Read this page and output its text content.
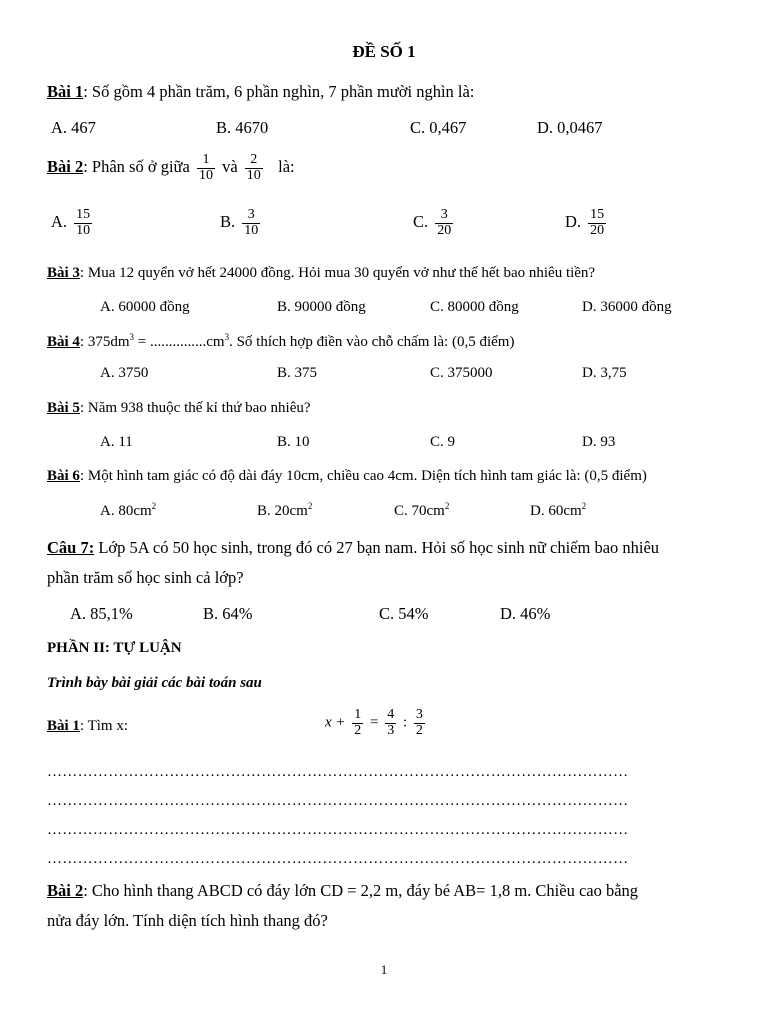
ĐỀ SỐ 1
Bài 1: Số gồm 4 phần trăm, 6 phần nghìn, 7 phần mười nghìn là:
A. 467	B. 4670	C. 0,467	D. 0,0467
Bài 2: Phân số ở giữa $\frac{1}{10}$ và $\frac{2}{10}$ là:
A. $\frac{15}{10}$	B. $\frac{3}{10}$	C. $\frac{3}{20}$	D. $\frac{15}{20}$
Bài 3: Mua 12 quyển vở hết 24000 đồng. Hỏi mua 30 quyển vở như thế hết bao nhiêu tiền?
A. 60000 đồng	B. 90000 đồng	C. 80000 đồng	D. 36000 đồng
Bài 4: $375dm^3 = ...............cm^3$. Số thích hợp điền vào chỗ chấm là: (0,5 điểm)
A. 3750	B. 375	C. 375000	D. 3,75
Bài 5: Năm 938 thuộc thế kỉ thứ bao nhiêu?
A. 11	B. 10	C. 9	D. 93
Bài 6: Một hình tam giác có độ dài đáy 10cm, chiều cao 4cm. Diện tích hình tam giác là: (0,5 điểm)
A. $80cm^2$	B. $20cm^2$	C. $70cm^2$	D. $60cm^2$
Câu 7: Lớp 5A có 50 học sinh, trong đó có 27 bạn nam. Hỏi số học sinh nữ chiếm bao nhiêu
phần trăm số học sinh cả lớp?
A. 85,1%	B. 64%	C. 54%	D. 46%
PHẦN II: TỰ LUẬN
Trình bày bài giải các bài toán sau
Bài 1: Tìm x:	$x + \frac{1}{2} = \frac{4}{3}$ : $\frac{3}{2}$
……………………………………………………………………………………………………
……………………………………………………………………………………………………
……………………………………………………………………………………………………
……………………………………………………………………………………………………
Bài 2: Cho hình thang ABCD có đáy lớn CD = 2,2 m, đáy bé AB= 1,8 m. Chiều cao bằng
nửa đáy lớn. Tính diện tích hình thang đó?
1
